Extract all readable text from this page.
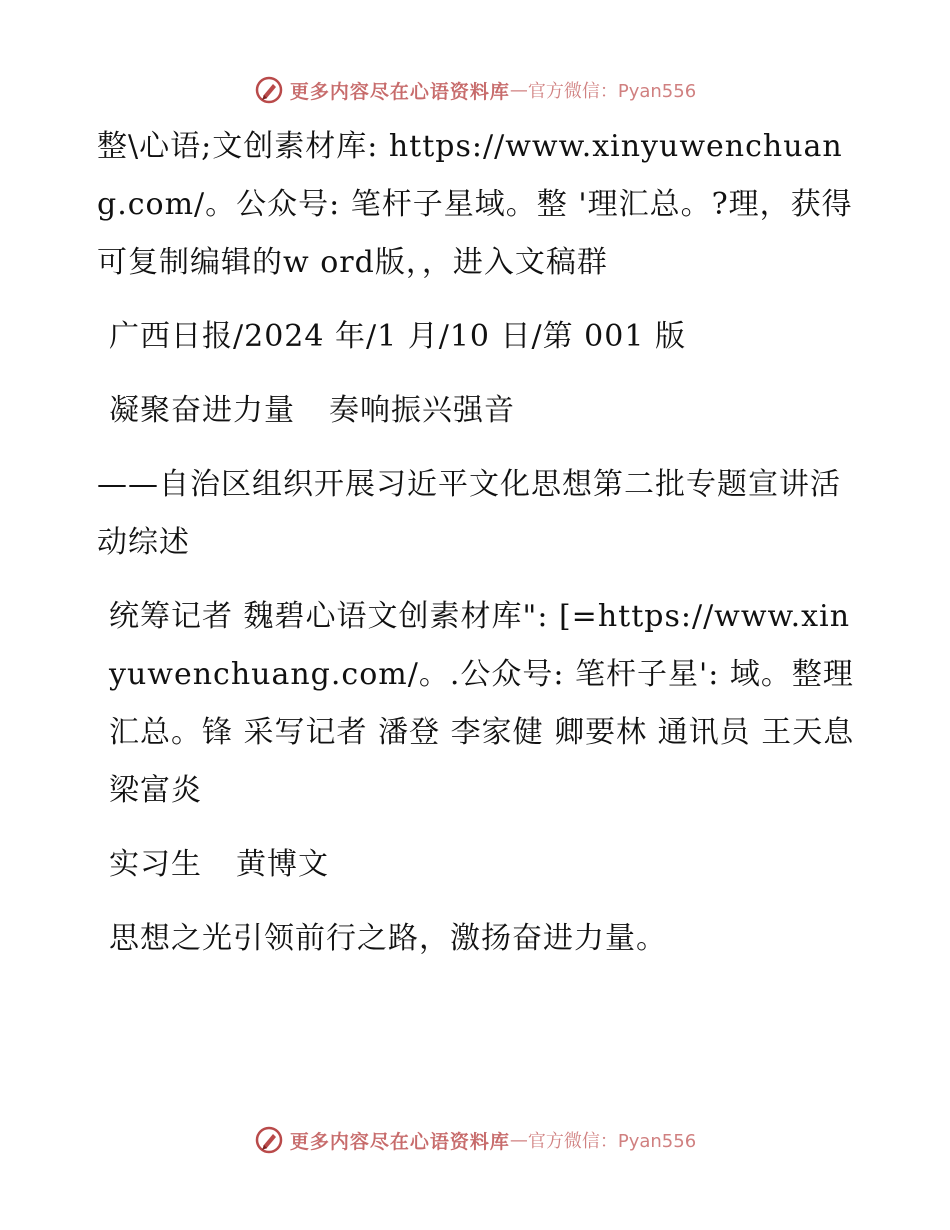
更多内容尽在心语资料库 — 官方微信：Pyan556

整\心语;文创素材库: https://www.xinyuwenchuang.com/。公众号: 笔杆子星域。整 '理汇总。?理，获得可复制编辑的w ord版，，进入文稿群

广西日报/2024 年/1 月/10 日/第 001 版

凝聚奋进力量 奏响振兴强音

——自治区组织开展习近平文化思想第二批专题宣讲活动综述

统筹记者 魏碧心语文创素材库": [=https://www.xinyuwenchuang.com/。.公众号: 笔杆子星': 域。整理汇总。锋 采写记者 潘登 李家健 卿要林 通讯员 王天息 梁富炎

实习生 黄博文

思想之光引领前行之路，激扬奋进力量。

更多内容尽在心语资料库 — 官方微信：Pyan556
